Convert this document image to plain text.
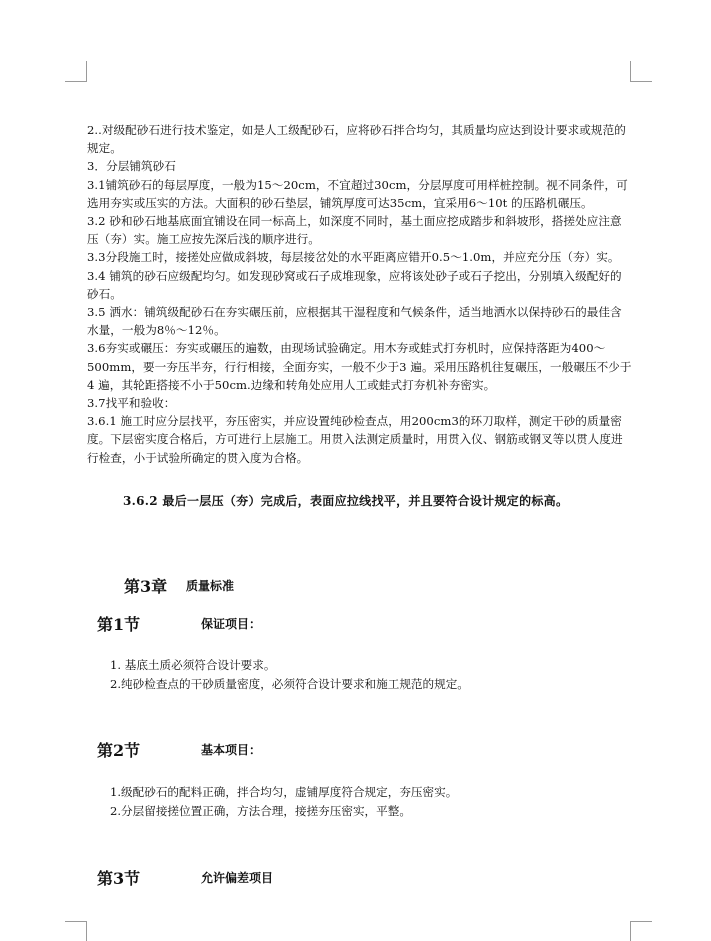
2..对级配砂石进行技术鉴定，如是人工级配砂石，应将砂石拌合均匀，其质量均应达到设计要求或规范的规定。

3．分层铺筑砂石

3.1铺筑砂石的每层厚度，一般为15～20cm，不宜超过30cm，分层厚度可用样桩控制。视不同条件，可选用夯实或压实的方法。大面积的砂石垫层，铺筑厚度可达35cm，宜采用6～10t 的压路机碾压。

3.2 砂和砂石地基底面宜铺设在同一标高上，如深度不同时，基土面应挖成踏步和斜坡形，搭搓处应注意压（夯）实。施工应按先深后浅的顺序进行。

3.3分段施工时，接搓处应做成斜坡，每层接岔处的水平距离应错开0.5～1.0m，并应充分压（夯）实。

3.4 铺筑的砂石应级配均匀。如发现砂窝或石子成堆现象，应将该处砂子或石子挖出，分别填入级配好的砂石。

3.5 洒水：铺筑级配砂石在夯实碾压前，应根据其干湿程度和气候条件，适当地洒水以保持砂石的最佳含水量，一般为8％～12％。

3.6夯实或碾压：夯实或碾压的遍数，由现场试验确定。用木夯或蛙式打夯机时，应保持落距为400～500mm，要一夯压半夯，行行相接，全面夯实，一般不少于3 遍。采用压路机往复碾压，一般碾压不少于4 遍，其轮距搭接不小于50cm.边缘和转角处应用人工或蛙式打夯机补夯密实。

3.7找平和验收：

3.6.1 施工时应分层找平，夯压密实，并应设置纯砂检查点，用200cm3的环刀取样，测定干砂的质量密度。下层密实度合格后，方可进行上层施工。用贯入法测定质量时，用贯入仪、钢筋或钢叉等以贯人度进行检查，小于试验所确定的贯入度为合格。

3.6.2 最后一层压（夯）完成后，表面应拉线找平，并且要符合设计规定的标高。
第3章 质量标准
第1节	保证项目：

1. 基底土质必须符合设计要求。

2.纯砂检查点的干砂质量密度，必须符合设计要求和施工规范的规定。

第2节	基本项目：

1.级配砂石的配料正确，拌合均匀，虚铺厚度符合规定，夯压密实。

2.分层留接搓位置正确，方法合理，接搓夯压密实，平整。

第3节	允许偏差项目
